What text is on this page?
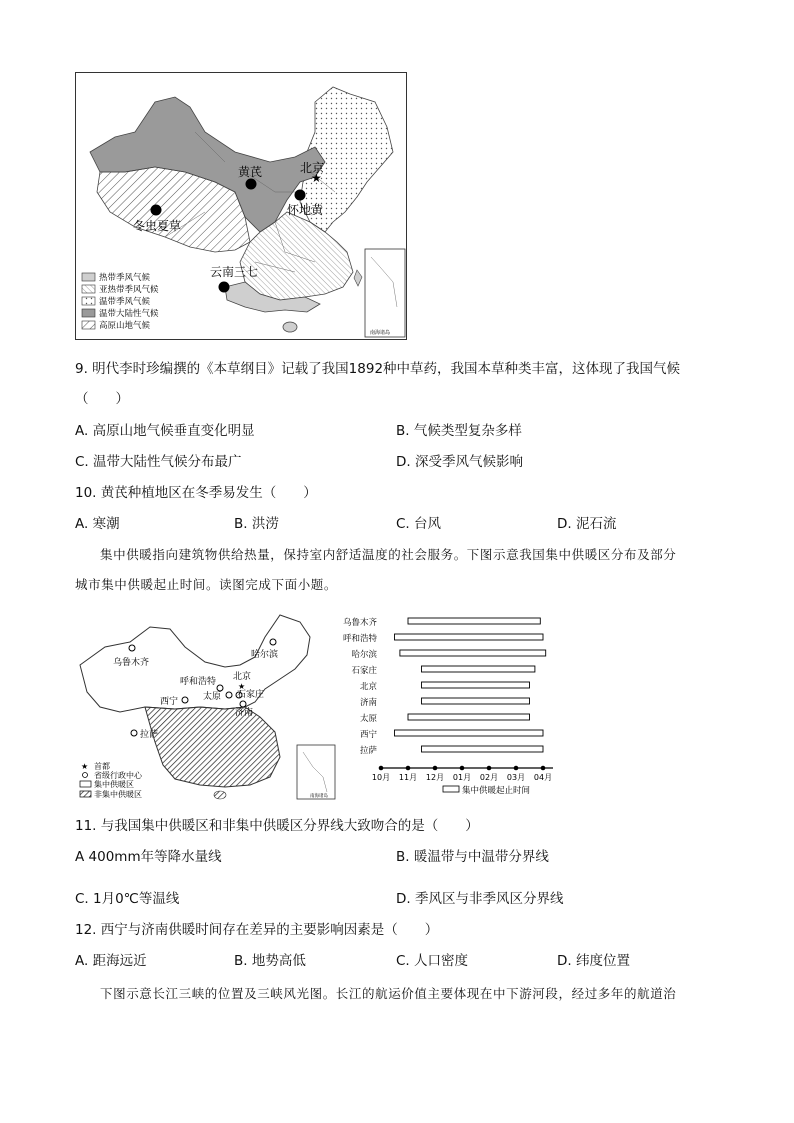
南海诸岛
★
北京
黄芪
怀地黄
冬虫夏草
云南三七
热带季风气候
亚热带季风气候
温带季风气候
温带大陆性气候
高原山地气候
9. 明代李时珍编撰的《本草纲目》记载了我国1892种中草药，我国本草种类丰富，这体现了我国气候
（　　）
A. 高原山地气候垂直变化明显	B. 气候类型复杂多样
C. 温带大陆性气候分布最广	D. 深受季风气候影响
10. 黄芪种植地区在冬季易发生（　　）
A. 寒潮	B. 洪涝	C. 台风	D. 泥石流
集中供暖指向建筑物供给热量，保持室内舒适温度的社会服务。下图示意我国集中供暖区分布及部分
城市集中供暖起止时间。读图完成下面小题。
南海诸岛
乌鲁木齐
哈尔滨
北京
★
呼和浩特
石家庄
太原
西宁
济南
拉萨
★ 首都
省级行政中心
集中供暖区
非集中供暖区
乌鲁木齐
呼和浩特
哈尔滨
石家庄
北京
济南
太原
西宁
拉萨
10月 11月 12月 01月 02月 03月 04月
集中供暖起止时间
11. 与我国集中供暖区和非集中供暖区分界线大致吻合的是（　　）
A 400mm年等降水量线	B. 暖温带与中温带分界线
C. 1月0℃等温线	D. 季风区与非季风区分界线
12. 西宁与济南供暖时间存在差异的主要影响因素是（　　）
A. 距海远近	B. 地势高低	C. 人口密度	D. 纬度位置
下图示意长江三峡的位置及三峡风光图。长江的航运价值主要体现在中下游河段，经过多年的航道治
